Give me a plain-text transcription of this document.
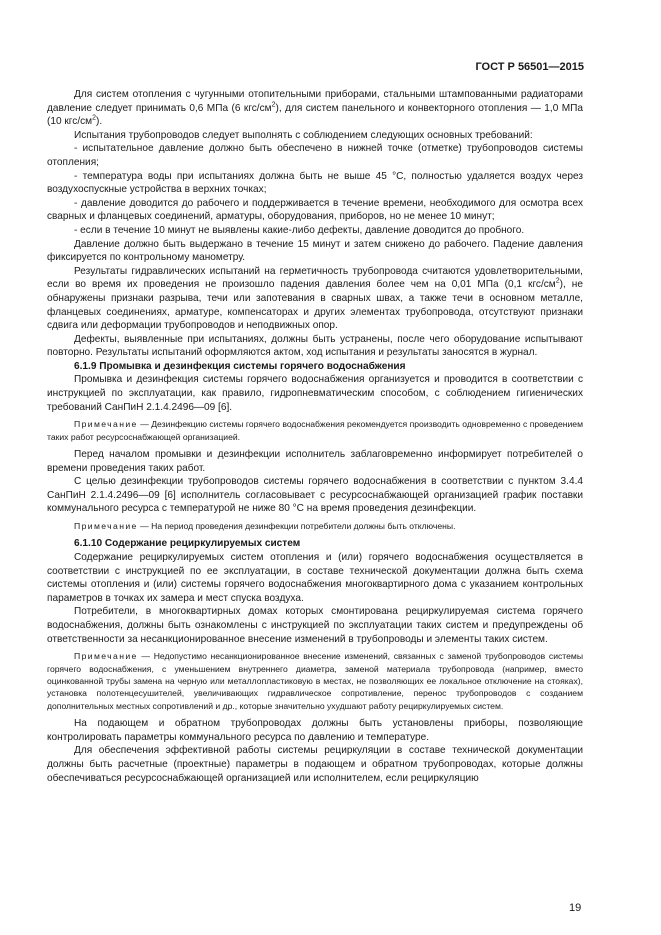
ГОСТ Р 56501—2015

Для систем отопления с чугунными отопительными приборами, стальными штампованными радиаторами давление следует принимать 0,6 МПа (6 кгс/$см^2$), для систем панельного и конвекторного отопления — 1,0 МПа (10 кгс/$см^2$).

Испытания трубопроводов следует выполнять с соблюдением следующих основных требований:

- испытательное давление должно быть обеспечено в нижней точке (отметке) трубопроводов системы отопления;

- температура воды при испытаниях должна быть не выше 45 °С, полностью удаляется воздух через воздухоспускные устройства в верхних точках;

- давление доводится до рабочего и поддерживается в течение времени, необходимого для осмотра всех сварных и фланцевых соединений, арматуры, оборудования, приборов, но не менее 10 минут;

- если в течение 10 минут не выявлены какие-либо дефекты, давление доводится до пробного.

Давление должно быть выдержано в течение 15 минут и затем снижено до рабочего. Падение давления фиксируется по контрольному манометру.

Результаты гидравлических испытаний на герметичность трубопровода считаются удовлетворительными, если во время их проведения не произошло падения давления более чем на 0,01 МПа (0,1 кгс/$см^2$), не обнаружены признаки разрыва, течи или запотевания в сварных швах, а также течи в основном металле, фланцевых соединениях, арматуре, компенсаторах и других элементах трубопровода, отсутствуют признаки сдвига или деформации трубопроводов и неподвижных опор.

Дефекты, выявленные при испытаниях, должны быть устранены, после чего оборудование испытывают повторно. Результаты испытаний оформляются актом, ход испытания и результаты заносятся в журнал.

6.1.9 Промывка и дезинфекция системы горячего водоснабжения

Промывка и дезинфекция системы горячего водоснабжения организуется и проводится в соответствии с инструкцией по эксплуатации, как правило, гидропневматическим способом, с соблюдением гигиенических требований СанПиН 2.1.4.2496—09 [6].

Примечание — Дезинфекцию системы горячего водоснабжения рекомендуется производить одновременно с проведением таких работ ресурсоснабжающей организацией.

Перед началом промывки и дезинфекции исполнитель заблаговременно информирует потребителей о времени проведения таких работ.

С целью дезинфекции трубопроводов системы горячего водоснабжения в соответствии с пунктом 3.4.4 СанПиН 2.1.4.2496—09 [6] исполнитель согласовывает с ресурсоснабжающей организацией график поставки коммунального ресурса с температурой не ниже 80 °С на время проведения дезинфекции.

Примечание — На период проведения дезинфекции потребители должны быть отключены.

6.1.10 Содержание рециркулируемых систем

Содержание рециркулируемых систем отопления и (или) горячего водоснабжения осуществляется в соответствии с инструкцией по ее эксплуатации, в составе технической документации должна быть схема системы отопления и (или) системы горячего водоснабжения многоквартирного дома с указанием контрольных параметров в точках их замера и мест спуска воздуха.

Потребители, в многоквартирных домах которых смонтирована рециркулируемая система горячего водоснабжения, должны быть ознакомлены с инструкцией по эксплуатации таких систем и предупреждены об ответственности за несанкционированное внесение изменений в трубопроводы и элементы таких систем.

Примечание — Недопустимо несанкционированное внесение изменений, связанных с заменой трубопроводов системы горячего водоснабжения, с уменьшением внутреннего диаметра, заменой материала трубопровода (например, вместо оцинкованной трубы замена на черную или металлопластиковую в местах, не позволяющих ее локальное отключение на стояках), установка полотенцесушителей, увеличивающих гидравлическое сопротивление, перенос трубопроводов с созданием дополнительных местных сопротивлений и др., которые значительно ухудшают работу рециркулируемых систем.

На подающем и обратном трубопроводах должны быть установлены приборы, позволяющие контролировать параметры коммунального ресурса по давлению и температуре.

Для обеспечения эффективной работы системы рециркуляции в составе технической документации должны быть расчетные (проектные) параметры в подающем и обратном трубопроводах, которые должны обеспечиваться ресурсоснабжающей организацией или исполнителем, если рециркуляцию

19
